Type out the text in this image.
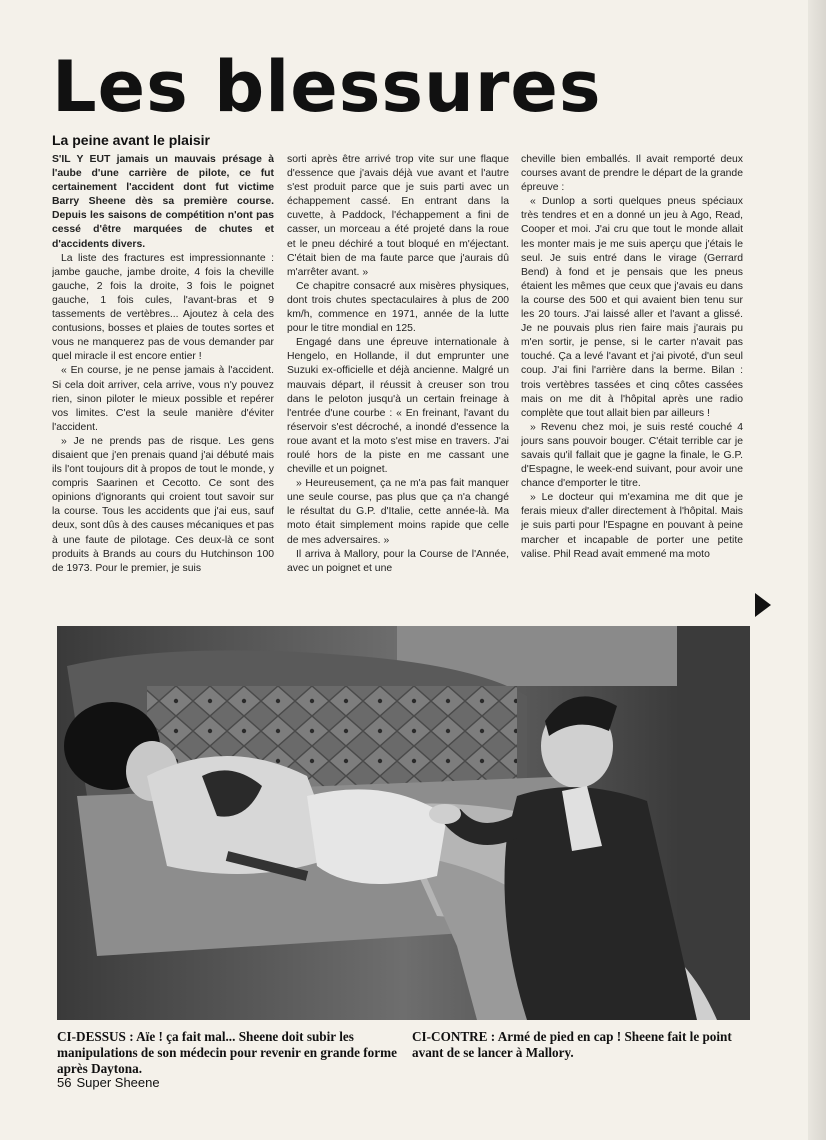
Les blessures

La peine avant le plaisir

S'IL Y EUT jamais un mauvais présage à l'aube d'une carrière de pilote, ce fut certainement l'accident dont fut victime Barry Sheene dès sa première course. Depuis les saisons de compétition n'ont pas cessé d'être marquées de chutes et d'accidents divers.

La liste des fractures est impressionnante : jambe gauche, jambe droite, 4 fois la cheville gauche, 2 fois la droite, 3 fois le poignet gauche, 1 fois cules, l'avant-bras et 9 tassements de vertèbres... Ajoutez à cela des contusions, bosses et plaies de toutes sortes et vous ne manquerez pas de vous demander par quel miracle il est encore entier !

« En course, je ne pense jamais à l'accident. Si cela doit arriver, cela arrive, vous n'y pouvez rien, sinon piloter le mieux possible et repérer vos limites. C'est la seule manière d'éviter l'accident.

» Je ne prends pas de risque. Les gens disaient que j'en prenais quand j'ai débuté mais ils l'ont toujours dit à propos de tout le monde, y compris Saarinen et Cecotto. Ce sont des opinions d'ignorants qui croient tout savoir sur la course. Tous les accidents que j'ai eus, sauf deux, sont dûs à des causes mécaniques et pas à une faute de pilotage. Ces deux-là ce sont produits à Brands au cours du Hutchinson 100 de 1973. Pour le premier, je suis

sorti après être arrivé trop vite sur une flaque d'essence que j'avais déjà vue avant et l'autre s'est produit parce que je suis parti avec un échappement cassé. En entrant dans la cuvette, à Paddock, l'échappement a fini de casser, un morceau a été projeté dans la roue et le pneu déchiré a tout bloqué en m'éjectant. C'était bien de ma faute parce que j'aurais dû m'arrêter avant. »

Ce chapitre consacré aux misères physiques, dont trois chutes spectaculaires à plus de 200 km/h, commence en 1971, année de la lutte pour le titre mondial en 125.

Engagé dans une épreuve internationale à Hengelo, en Hollande, il dut emprunter une Suzuki ex-officielle et déjà ancienne. Malgré un mauvais départ, il réussit à creuser son trou dans le peloton jusqu'à un certain freinage à l'entrée d'une courbe : « En freinant, l'avant du réservoir s'est décroché, a inondé d'essence la roue avant et la moto s'est mise en travers. J'ai roulé hors de la piste en me cassant une cheville et un poignet.

» Heureusement, ça ne m'a pas fait manquer une seule course, pas plus que ça n'a changé le résultat du G.P. d'Italie, cette année-là. Ma moto était simplement moins rapide que celle de mes adversaires. »

Il arriva à Mallory, pour la Course de l'Année, avec un poignet et une

cheville bien emballés. Il avait remporté deux courses avant de prendre le départ de la grande épreuve :

« Dunlop a sorti quelques pneus spéciaux très tendres et en a donné un jeu à Ago, Read, Cooper et moi. J'ai cru que tout le monde allait les monter mais je me suis aperçu que j'étais le seul. Je suis entré dans le virage (Gerrard Bend) à fond et je pensais que les pneus étaient les mêmes que ceux que j'avais eu dans la course des 500 et qui avaient bien tenu sur les 20 tours. J'ai laissé aller et l'avant a glissé. Je ne pouvais plus rien faire mais j'aurais pu m'en sortir, je pense, si le carter n'avait pas touché. Ça a levé l'avant et j'ai pivoté, d'un seul coup. J'ai fini l'arrière dans la berme. Bilan : trois vertèbres tassées et cinq côtes cassées mais on me dit à l'hôpital après une radio complète que tout allait bien par ailleurs !

» Revenu chez moi, je suis resté couché 4 jours sans pouvoir bouger. C'était terrible car je savais qu'il fallait que je gagne la finale, le G.P. d'Espagne, le week-end suivant, pour avoir une chance d'emporter le titre.

» Le docteur qui m'examina me dit que je ferais mieux d'aller directement à l'hôpital. Mais je suis parti pour l'Espagne en pouvant à peine marcher et incapable de porter une petite valise. Phil Read avait emmené ma moto

CI-DESSUS : Aïe ! ça fait mal... Sheene doit subir les manipulations de son médecin pour revenir en grande forme après Daytona.

CI-CONTRE : Armé de pied en cap ! Sheene fait le point avant de se lancer à Mallory.

56 Super Sheene
